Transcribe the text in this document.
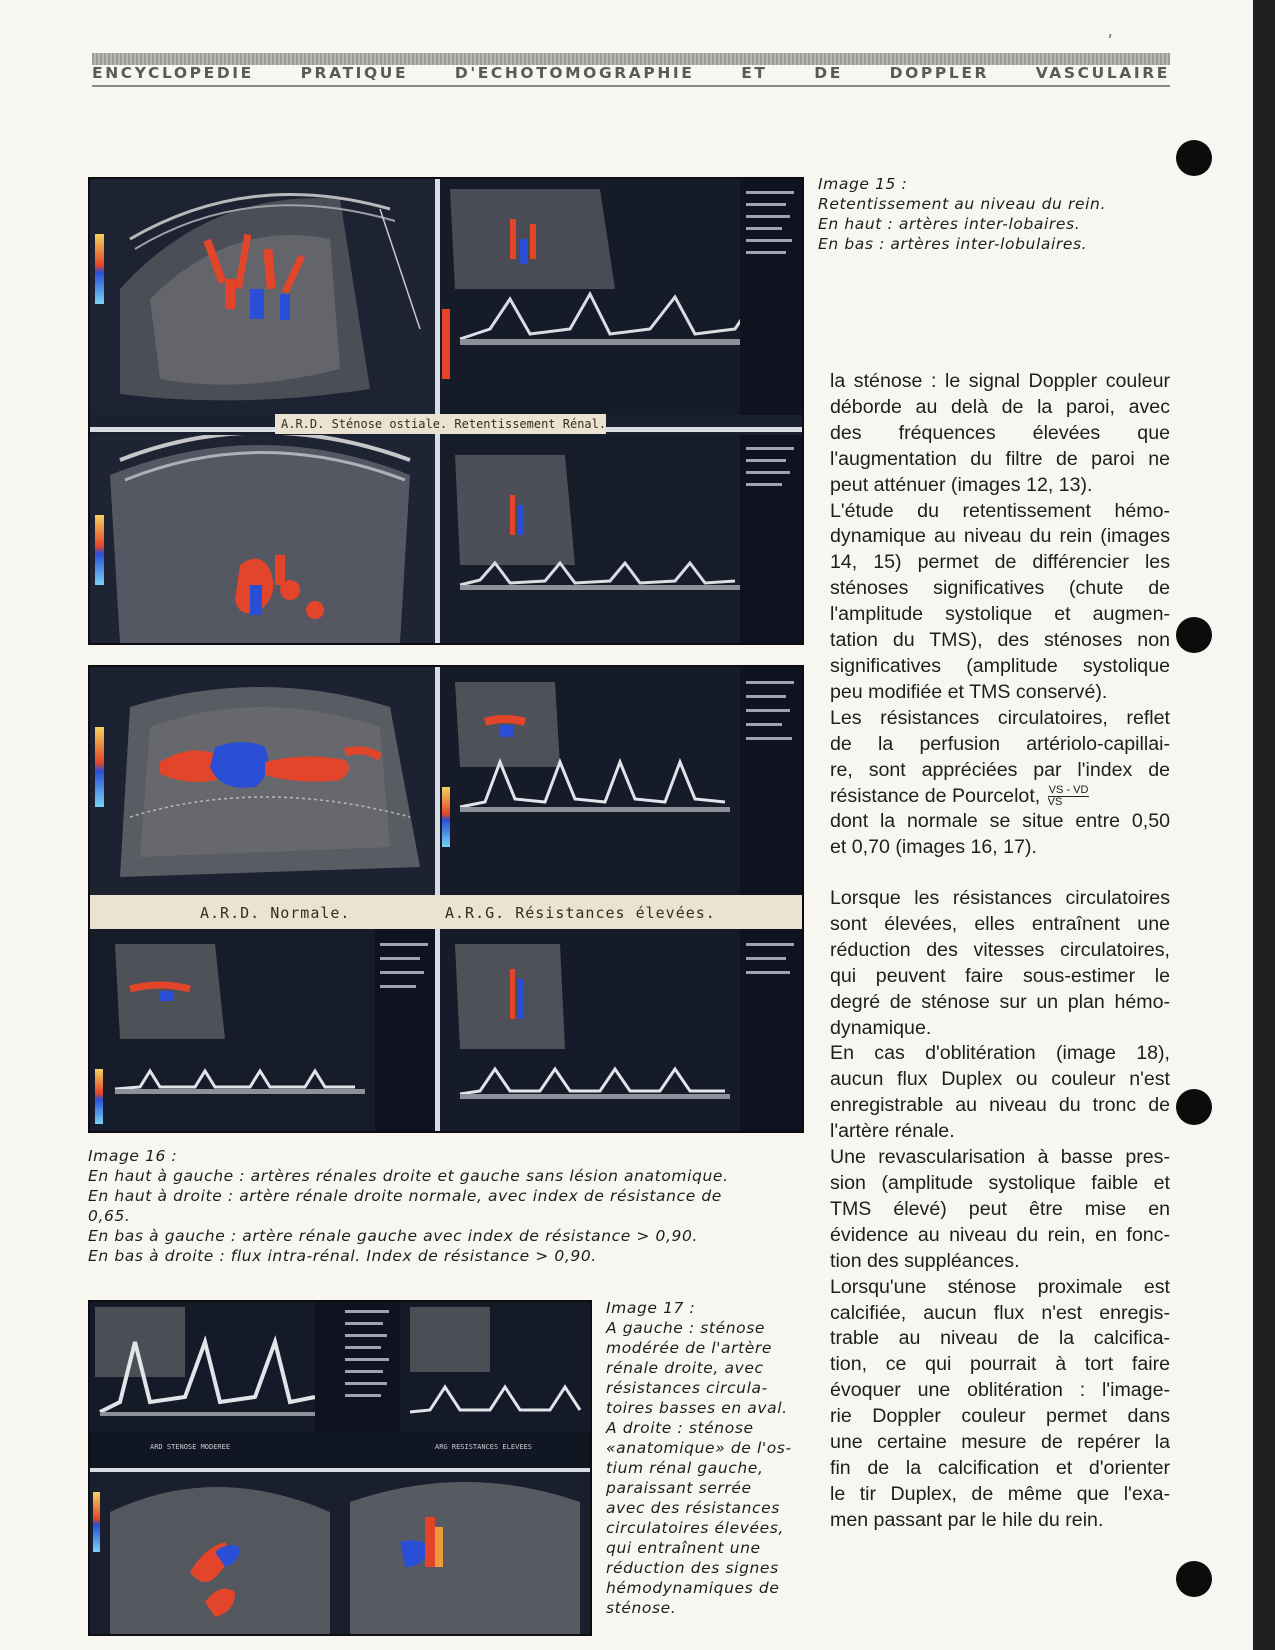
ʹ
ENCYCLOPEDIE PRATIQUE D'ECHOTOMOGRAPHIE ET DE DOPPLER VASCULAIRE
A.R.D. Sténose ostiale. Retentissement Rénal.
Image 15 :
Retentissement au niveau du rein.
En haut : artères inter-lobaires.
En bas : artères inter-lobulaires.
A.R.D. Normale.	A.R.G. Résistances élevées.
Image 16 :
En haut à gauche : artères rénales droite et gauche sans lésion anatomique.
En haut à droite : artère rénale droite normale, avec index de résistance de
0,65.
En bas à gauche : artère rénale gauche avec index de résistance > 0,90.
En bas à droite : flux intra-rénal. Index de résistance > 0,90.
ARD STENOSE MODEREE	ARG RESISTANCES ELEVEES
Image 17 :
A gauche : sténose
modérée de l'artère
rénale droite, avec
résistances circula-
toires basses en aval.
A droite : sténose
«anatomique» de l'os-
tium rénal gauche,
paraissant serrée
avec des résistances
circulatoires élevées,
qui entraînent une
réduction des signes
hémodynamiques de
sténose.
la sténose : le signal Doppler couleur
déborde au delà de la paroi, avec
des fréquences élevées que
l'augmentation du filtre de paroi ne
peut atténuer (images 12, 13).
L'étude du retentissement hémo-
dynamique au niveau du rein (images
14, 15) permet de différencier les
sténoses significatives (chute de
l'amplitude systolique et augmen-
tation du TMS), des sténoses non
significatives (amplitude systolique
peu modifiée et TMS conservé).
Les résistances circulatoires, reflet
de la perfusion artériolo-capillai-
re, sont appréciées par l'index de
résistance de Pourcelot, $\frac{VS - VD}{VS}$
dont la normale se situe entre 0,50
et 0,70 (images 16, 17).
Lorsque les résistances circulatoires
sont élevées, elles entraînent une
réduction des vitesses circulatoires,
qui peuvent faire sous-estimer le
degré de sténose sur un plan hémo-
dynamique.
En cas d'oblitération (image 18),
aucun flux Duplex ou couleur n'est
enregistrable au niveau du tronc de
l'artère rénale.
Une revascularisation à basse pres-
sion (amplitude systolique faible et
TMS élevé) peut être mise en
évidence au niveau du rein, en fonc-
tion des suppléances.
Lorsqu'une sténose proximale est
calcifiée, aucun flux n'est enregis-
trable au niveau de la calcifica-
tion, ce qui pourrait à tort faire
évoquer une oblitération : l'image-
rie Doppler couleur permet dans
une certaine mesure de repérer la
fin de la calcification et d'orienter
le tir Duplex, de même que l'exa-
men passant par le hile du rein.
